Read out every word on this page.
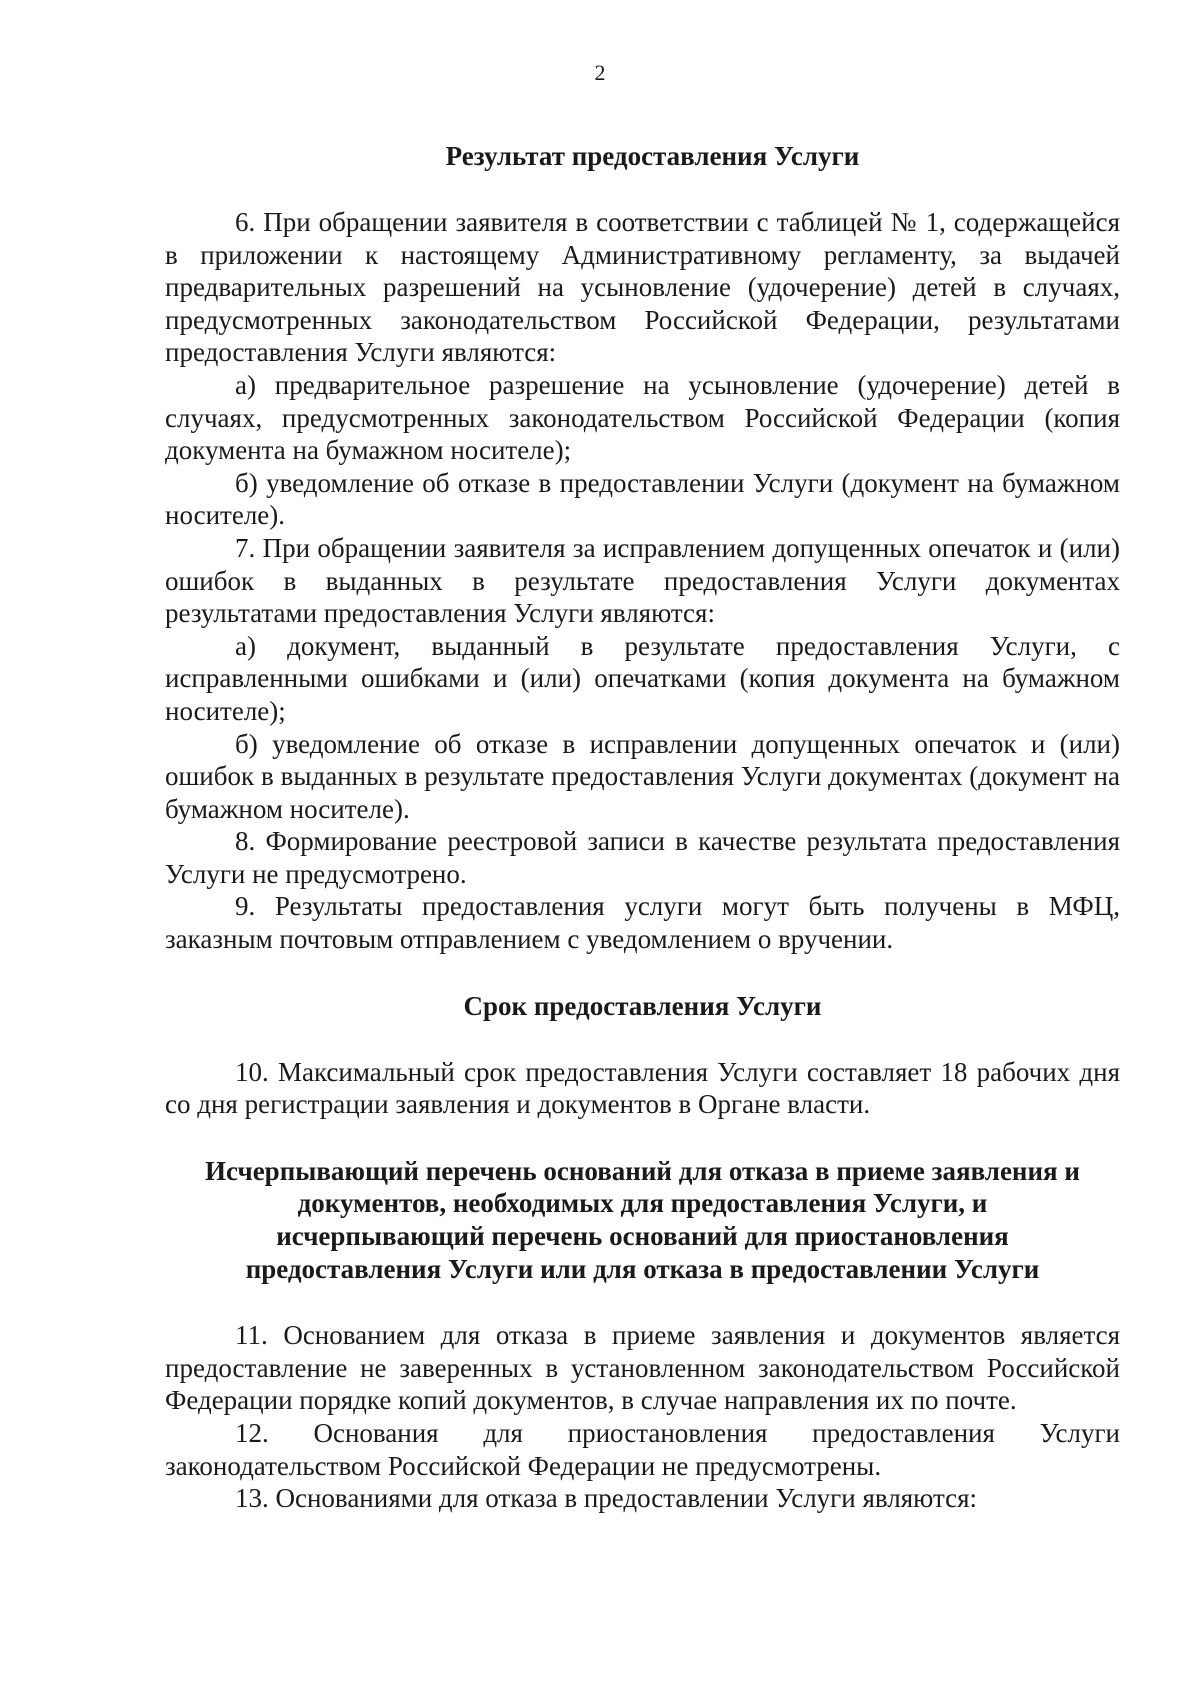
2
Результат предоставления Услуги

6. При обращении заявителя в соответствии с таблицей № 1, содержащейся в приложении к настоящему Административному регламенту, за выдачей предварительных разрешений на усыновление (удочерение) детей в случаях, предусмотренных законодательством Российской Федерации, результатами предоставления Услуги являются:

а) предварительное разрешение на усыновление (удочерение) детей в случаях, предусмотренных законодательством Российской Федерации (копия документа на бумажном носителе);

б) уведомление об отказе в предоставлении Услуги (документ на бумажном носителе).

7. При обращении заявителя за исправлением допущенных опечаток и (или) ошибок в выданных в результате предоставления Услуги документах результатами предоставления Услуги являются:

а) документ, выданный в результате предоставления Услуги, с исправленными ошибками и (или) опечатками (копия документа на бумажном носителе);

б) уведомление об отказе в исправлении допущенных опечаток и (или) ошибок в выданных в результате предоставления Услуги документах (документ на бумажном носителе).

8. Формирование реестровой записи в качестве результата предоставления Услуги не предусмотрено.

9. Результаты предоставления услуги могут быть получены в МФЦ, заказным почтовым отправлением с уведомлением о вручении.

Срок предоставления Услуги

10. Максимальный срок предоставления Услуги составляет 18 рабочих дня со дня регистрации заявления и документов в Органе власти.

Исчерпывающий перечень оснований для отказа в приеме заявления и
документов, необходимых для предоставления Услуги, и
исчерпывающий перечень оснований для приостановления
предоставления Услуги или для отказа в предоставлении Услуги

11. Основанием для отказа в приеме заявления и документов является предоставление не заверенных в установленном законодательством Российской Федерации порядке копий документов, в случае направления их по почте.

12. Основания для приостановления предоставления Услуги законодательством Российской Федерации не предусмотрены.

13. Основаниями для отказа в предоставлении Услуги являются:
